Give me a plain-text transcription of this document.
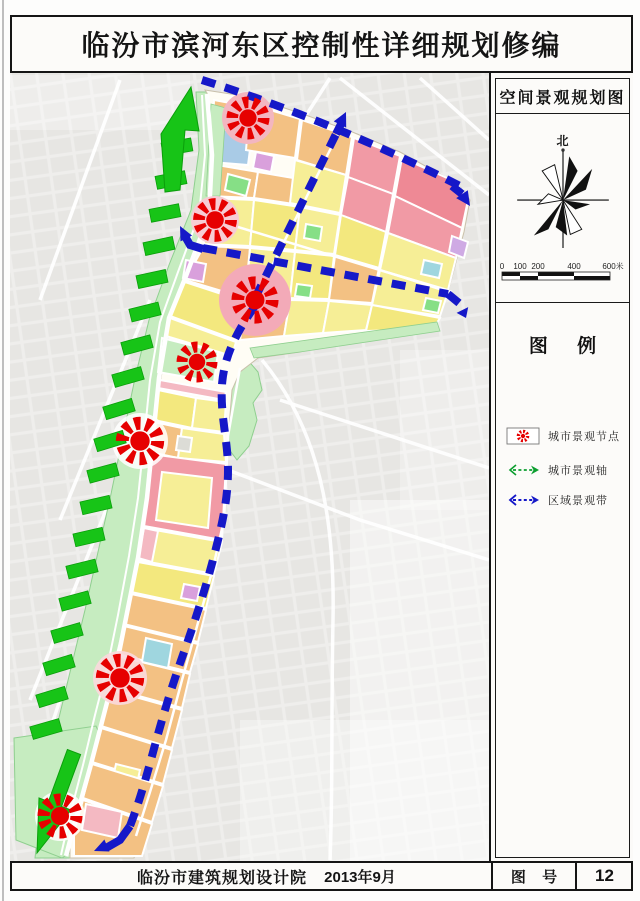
临汾市滨河东区控制性详细规划修编
空间景观规划图
北
0 100 200	400	600米
图 例
城市景观节点
城市景观轴
区域景观带
临汾市建筑规划设计院 2013年9月	图 号 12
